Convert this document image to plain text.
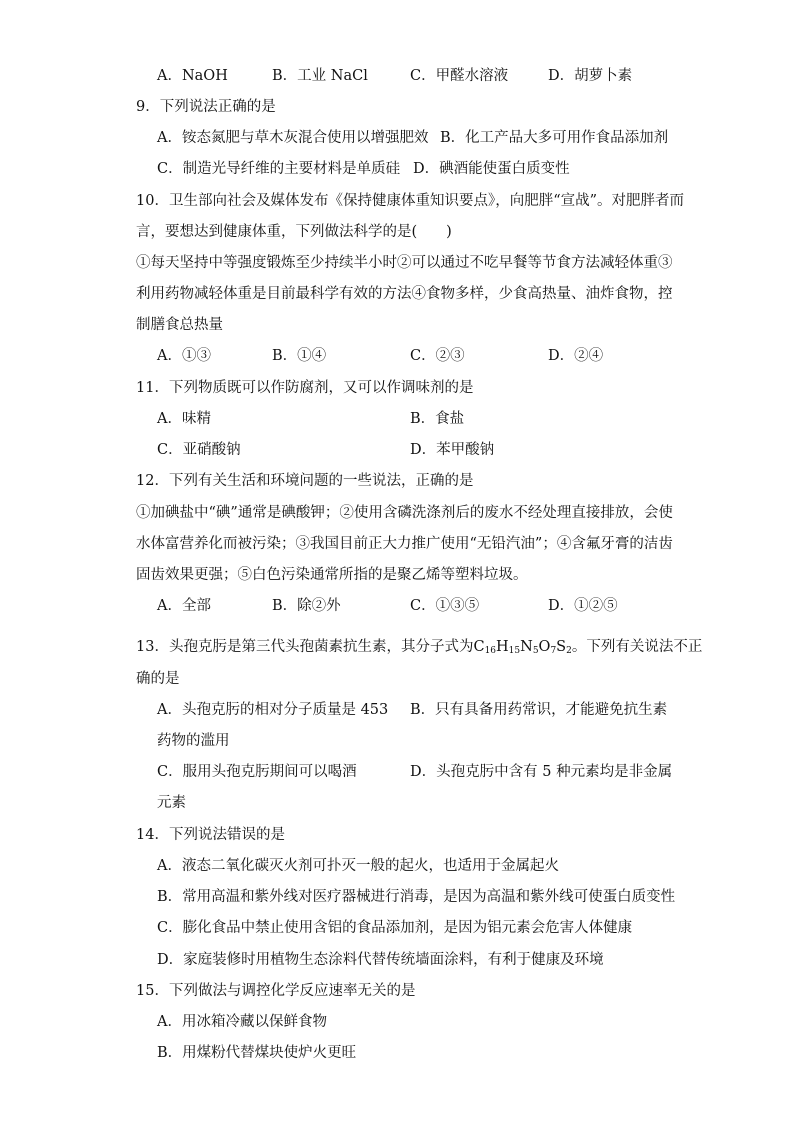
A．NaOH	B．工业 NaCl	C．甲醛水溶液	D．胡萝卜素
9．下列说法正确的是
A．铵态氮肥与草木灰混合使用以增强肥效 B．化工产品大多可用作食品添加剂
C．制造光导纤维的主要材料是单质硅 D．碘酒能使蛋白质变性
10．卫生部向社会及媒体发布《保持健康体重知识要点》，向肥胖“宣战”。对肥胖者而
言，要想达到健康体重，下列做法科学的是(　　)
①每天坚持中等强度锻炼至少持续半小时②可以通过不吃早餐等节食方法减轻体重③
利用药物减轻体重是目前最科学有效的方法④食物多样，少食高热量、油炸食物，控
制膳食总热量
A．①③	B．①④	C．②③	D．②④
11．下列物质既可以作防腐剂，又可以作调味剂的是
A．味精	B．食盐
C．亚硝酸钠	D．苯甲酸钠
12．下列有关生活和环境问题的一些说法，正确的是
①加碘盐中“碘”通常是碘酸钾；②使用含磷洗涤剂后的废水不经处理直接排放，会使
水体富营养化而被污染；③我国目前正大力推广使用“无铅汽油”；④含氟牙膏的洁齿
固齿效果更强；⑤白色污染通常所指的是聚乙烯等塑料垃圾。
A．全部	B．除②外	C．①③⑤	D．①②⑤
13．头孢克肟是第三代头孢菌素抗生素，其分子式为$C_{16}H_{15}N_5O_7S_2$。下列有关说法不正
确的是
A．头孢克肟的相对分子质量是 453 B．只有具备用药常识，才能避免抗生素
药物的滥用
C．服用头孢克肟期间可以喝酒	D．头孢克肟中含有 5 种元素均是非金属
元素
14．下列说法错误的是
A．液态二氧化碳灭火剂可扑灭一般的起火，也适用于金属起火
B．常用高温和紫外线对医疗器械进行消毒，是因为高温和紫外线可使蛋白质变性
C．膨化食品中禁止使用含铝的食品添加剂，是因为铝元素会危害人体健康
D．家庭装修时用植物生态涂料代替传统墙面涂料，有利于健康及环境
15．下列做法与调控化学反应速率无关的是
A．用冰箱冷藏以保鲜食物
B．用煤粉代替煤块使炉火更旺
